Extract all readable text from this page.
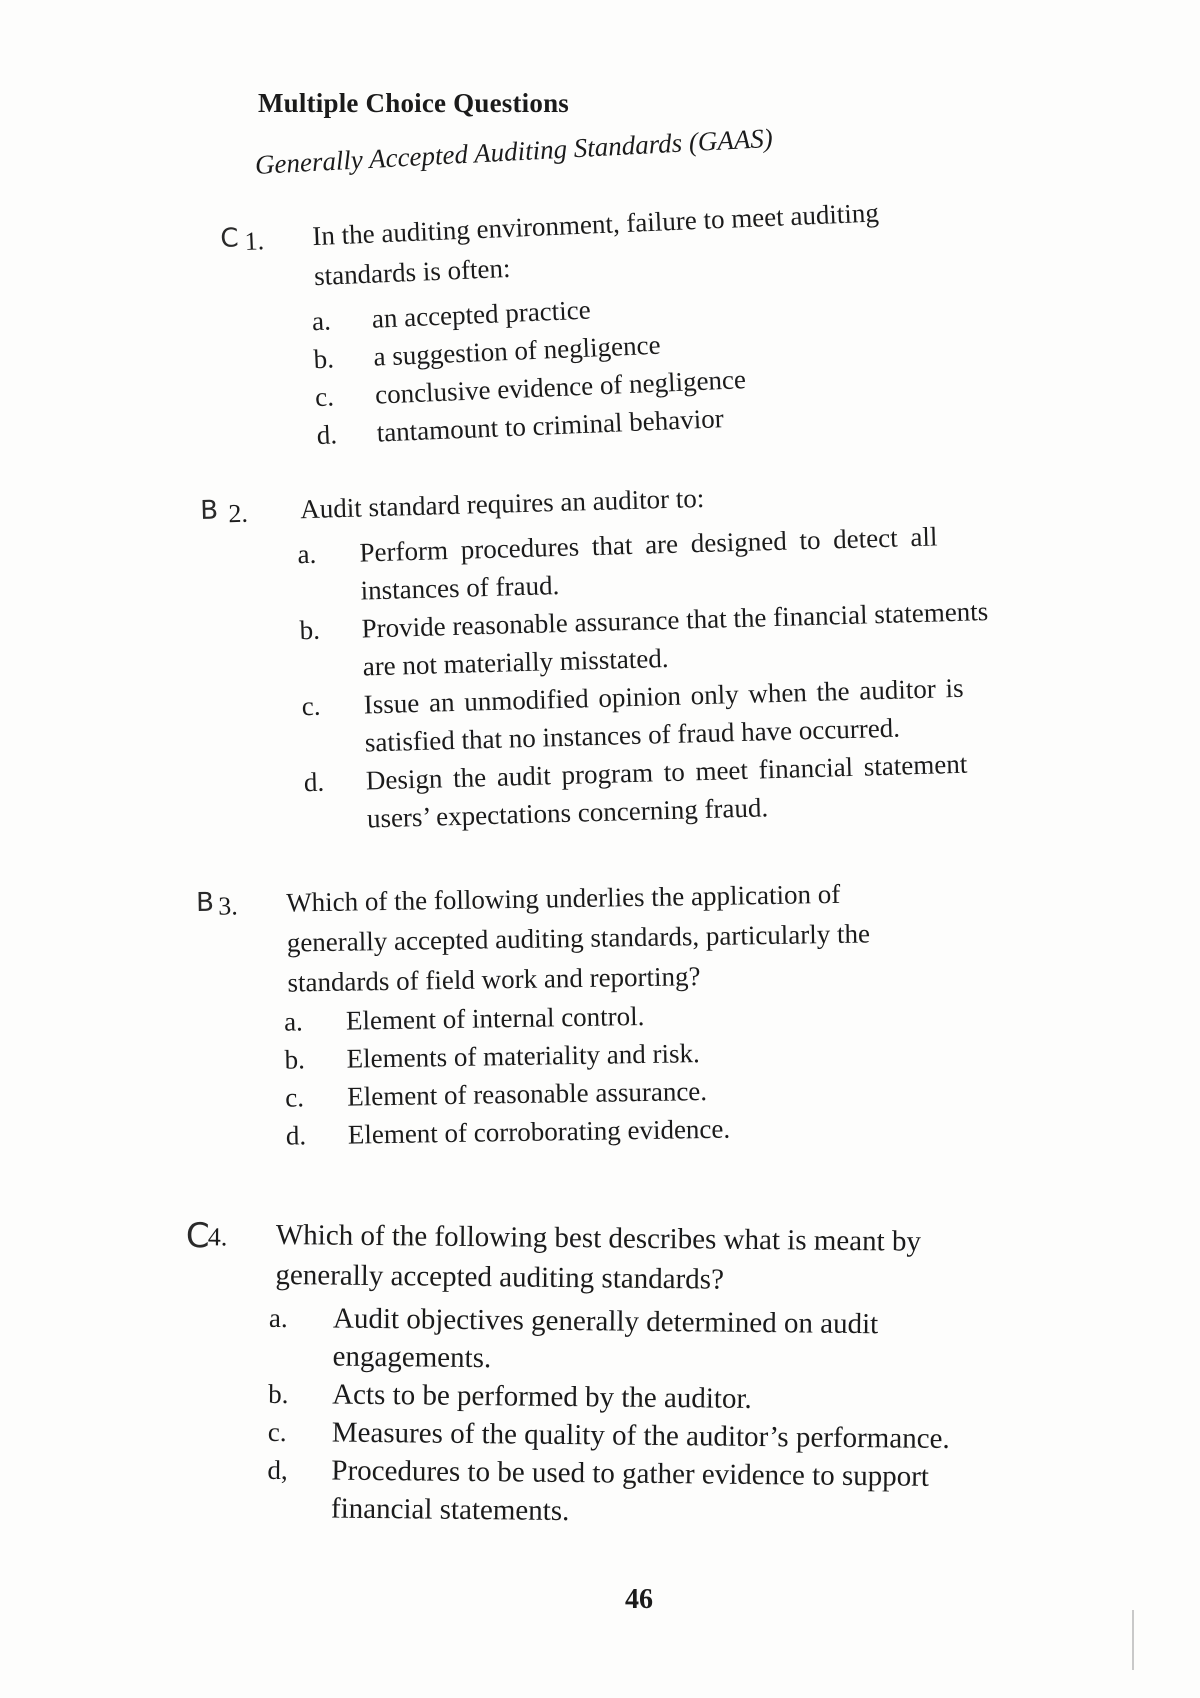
Multiple Choice Questions
Generally Accepted Auditing Standards (GAAS)
C 1. In the auditing environment, failure to meet auditing
standards is often:
a.	an accepted practice
b.	a suggestion of negligence
c.	conclusive evidence of negligence
d.	tantamount to criminal behavior
B 2. Audit standard requires an auditor to:
a.	Perform procedures that are designed to detect all
instances of fraud.
b.	Provide reasonable assurance that the financial statements
are not materially misstated.
c.	Issue an unmodified opinion only when the auditor is
satisfied that no instances of fraud have occurred.
d.	Design the audit program to meet financial statement
users’ expectations concerning fraud.
B 3. Which of the following underlies the application of
generally accepted auditing standards, particularly the
standards of field work and reporting?
a.	Element of internal control.
b.	Elements of materiality and risk.
c.	Element of reasonable assurance.
d.	Element of corroborating evidence.
C
4. Which of the following best describes what is meant by
generally accepted auditing standards?
a.	Audit objectives generally determined on audit
engagements.
b.	Acts to be performed by the auditor.
c.	Measures of the quality of the auditor’s performance.
d,	Procedures to be used to gather evidence to support
financial statements.
46
